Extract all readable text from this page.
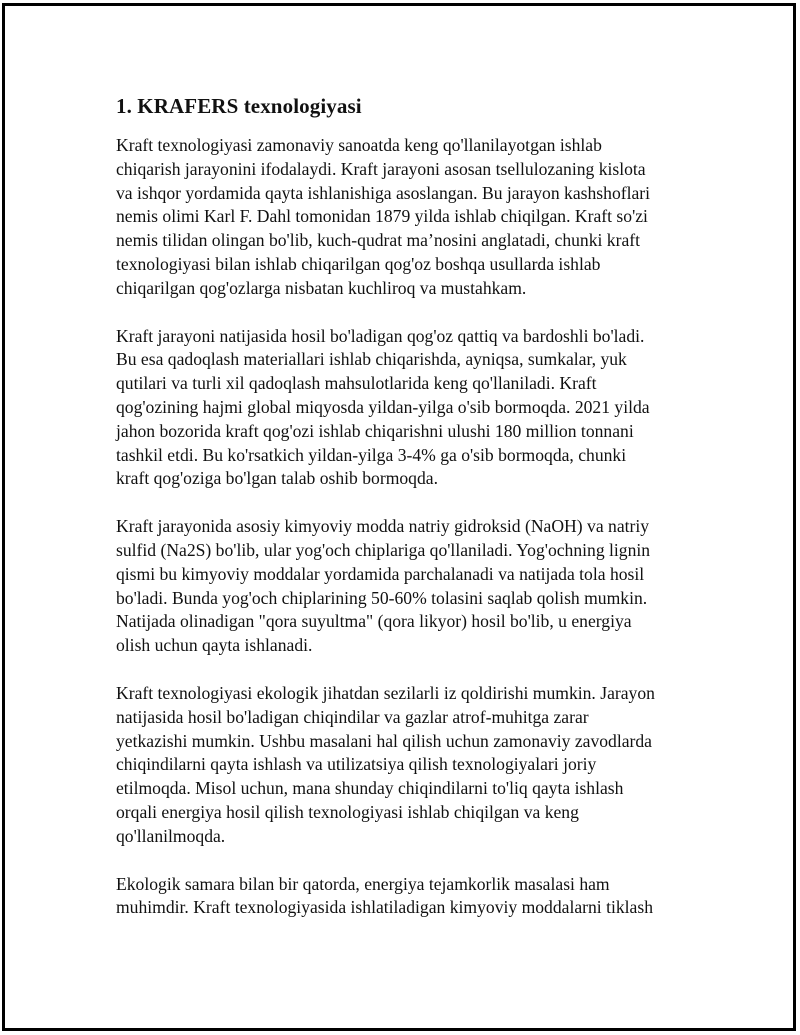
1. KRAFERS texnologiyasi

Kraft texnologiyasi zamonaviy sanoatda keng qo'llanilayotgan ishlab
chiqarish jarayonini ifodalaydi. Kraft jarayoni asosan tsellulozaning kislota
va ishqor yordamida qayta ishlanishiga asoslangan. Bu jarayon kashshoflari
nemis olimi Karl F. Dahl tomonidan 1879 yilda ishlab chiqilgan. Kraft so'zi
nemis tilidan olingan bo'lib, kuch-qudrat ma’nosini anglatadi, chunki kraft
texnologiyasi bilan ishlab chiqarilgan qog'oz boshqa usullarda ishlab
chiqarilgan qog'ozlarga nisbatan kuchliroq va mustahkam.

Kraft jarayoni natijasida hosil bo'ladigan qog'oz qattiq va bardoshli bo'ladi.
Bu esa qadoqlash materiallari ishlab chiqarishda, ayniqsa, sumkalar, yuk
qutilari va turli xil qadoqlash mahsulotlarida keng qo'llaniladi. Kraft
qog'ozining hajmi global miqyosda yildan-yilga o'sib bormoqda. 2021 yilda
jahon bozorida kraft qog'ozi ishlab chiqarishni ulushi 180 million tonnani
tashkil etdi. Bu ko'rsatkich yildan-yilga 3-4% ga o'sib bormoqda, chunki
kraft qog'oziga bo'lgan talab oshib bormoqda.

Kraft jarayonida asosiy kimyoviy modda natriy gidroksid (NaOH) va natriy
sulfid (Na2S) bo'lib, ular yog'och chiplariga qo'llaniladi. Yog'ochning lignin
qismi bu kimyoviy moddalar yordamida parchalanadi va natijada tola hosil
bo'ladi. Bunda yog'och chiplarining 50-60% tolasini saqlab qolish mumkin.
Natijada olinadigan "qora suyultma" (qora likyor) hosil bo'lib, u energiya
olish uchun qayta ishlanadi.

Kraft texnologiyasi ekologik jihatdan sezilarli iz qoldirishi mumkin. Jarayon
natijasida hosil bo'ladigan chiqindilar va gazlar atrof-muhitga zarar
yetkazishi mumkin. Ushbu masalani hal qilish uchun zamonaviy zavodlarda
chiqindilarni qayta ishlash va utilizatsiya qilish texnologiyalari joriy
etilmoqda. Misol uchun, mana shunday chiqindilarni to'liq qayta ishlash
orqali energiya hosil qilish texnologiyasi ishlab chiqilgan va keng
qo'llanilmoqda.

Ekologik samara bilan bir qatorda, energiya tejamkorlik masalasi ham
muhimdir. Kraft texnologiyasida ishlatiladigan kimyoviy moddalarni tiklash
